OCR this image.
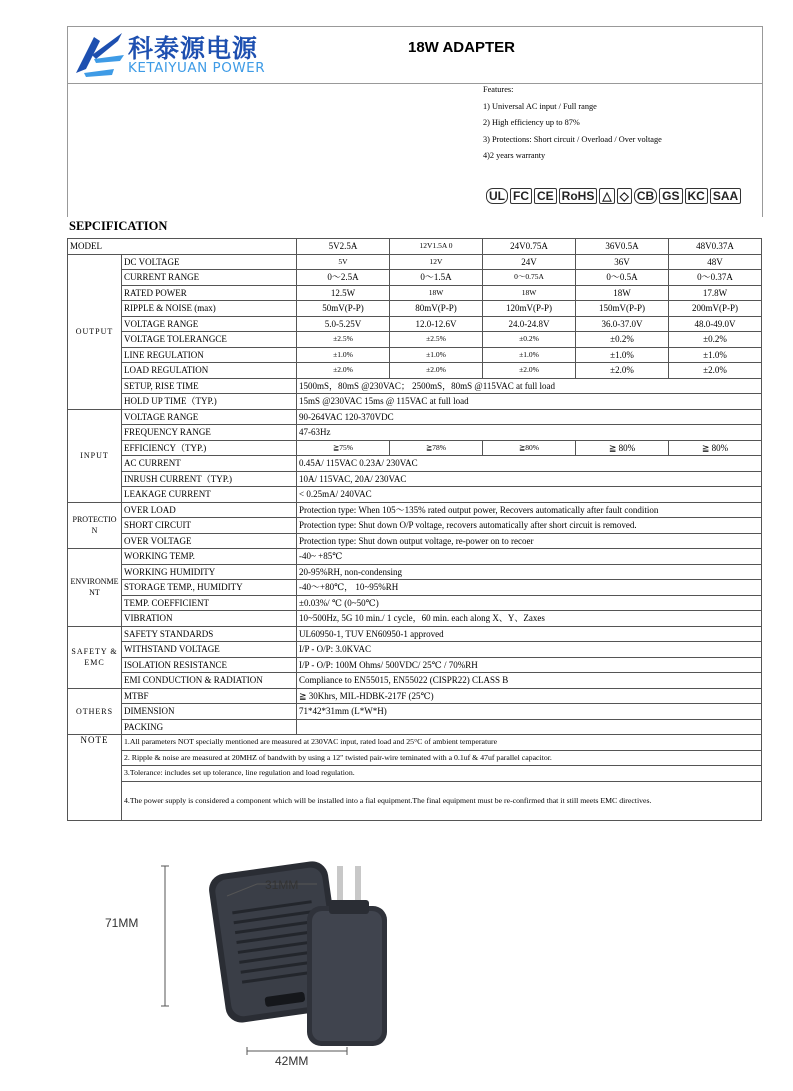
科泰源电源
KETAIYUAN POWER
18W ADAPTER
Features:
1) Universal AC input / Full range
2) High efficiency up to 87%
3) Protections: Short circuit / Overload / Over voltage
4)2 years warranty
UL FC CE RoHS △ ◇ CB GS KC SAA
SEPCIFICATION
MODEL		5V2.5A	12V1.5A 0	24V0.75A	36V0.5A	48V0.37A
OUTPUT	DC VOLTAGE	5V	12V	24V	36V	48V
	CURRENT RANGE	0～2.5A	0～1.5A	0～0.75A	0～0.5A	0～0.37A
	RATED POWER	12.5W	18W	18W	18W	17.8W
	RIPPLE & NOISE (max)	50mV(P-P)	80mV(P-P)	120mV(P-P)	150mV(P-P)	200mV(P-P)
	VOLTAGE RANGE	5.0-5.25V	12.0-12.6V	24.0-24.8V	36.0-37.0V	48.0-49.0V
	VOLTAGE TOLERANGCE	±2.5%	±2.5%	±0.2%	±0.2%	±0.2%
	LINE REGULATION	±1.0%	±1.0%	±1.0%	±1.0%	±1.0%
	LOAD REGULATION	±2.0%	±2.0%	±2.0%	±2.0%	±2.0%
	SETUP, RISE TIME	1500mS，80mS @230VAC； 2500mS，80mS @115VAC at full load				
	HOLD UP TIME（TYP.)	15mS @230VAC 15ms @ 115VAC at full load				
INPUT	VOLTAGE RANGE	90-264VAC 120-370VDC				
	FREQUENCY RANGE	47-63Hz				
	EFFICIENCY（TYP.)	≧75%	≧78%	≧80%	≧ 80%	≧ 80%
	AC CURRENT	0.45A/ 115VAC 0.23A/ 230VAC				
	INRUSH CURRENT（TYP.)	10A/ 115VAC, 20A/ 230VAC				
	LEAKAGE CURRENT	< 0.25mA/ 240VAC				
PROTECTION	OVER LOAD	Protection type: When 105～135% rated output power, Recovers automatically after fault condition				
	SHORT CIRCUIT	Protection type: Shut down O/P voltage, recovers automatically after short circuit is removed.				
	OVER VOLTAGE	Protection type: Shut down output voltage, re-power on to recoer				
ENVIRONMENT	WORKING TEMP.	-40~ +85℃				
	WORKING HUMIDITY	20-95%RH, non-condensing				
	STORAGE TEMP., HUMIDITY	-40～+80℃， 10~95%RH				
	TEMP. COEFFICIENT	±0.03%/ ℃ (0~50℃)				
	VIBRATION	10~500Hz, 5G 10 min./ 1 cycle，60 min. each along X、Y、Zaxes				
SAFETY & EMC	SAFETY STANDARDS	UL60950-1, TUV EN60950-1 approved				
	WITHSTAND VOLTAGE	I/P - O/P: 3.0KVAC				
	ISOLATION RESISTANCE	I/P - O/P: 100M Ohms/ 500VDC/ 25℃ / 70%RH				
	EMI CONDUCTION & RADIATION	Compliance to EN55015, EN55022 (CISPR22) CLASS B				
OTHERS	MTBF	≧ 30Khrs, MIL-HDBK-217F (25℃)				
	DIMENSION	71*42*31mm (L*W*H)				
	PACKING					
NOTE	1.All parameters NOT specially mentioned are measured at 230VAC input, rated load and 25°C of ambient temperature					
	2. Ripple & noise are measured at 20MHZ of bandwith by using a 12" twisted pair-wire teminated with a 0.1uf & 47uf parallel capacitor.					
	3.Tolerance: includes set up tolerance, line regulation and load regulation.					
	4.The power supply is considered a component which will be installed into a fial equipment.The final equipment must be re-confirmed that it still meets EMC directives.					
71MM
31MM
42MM
